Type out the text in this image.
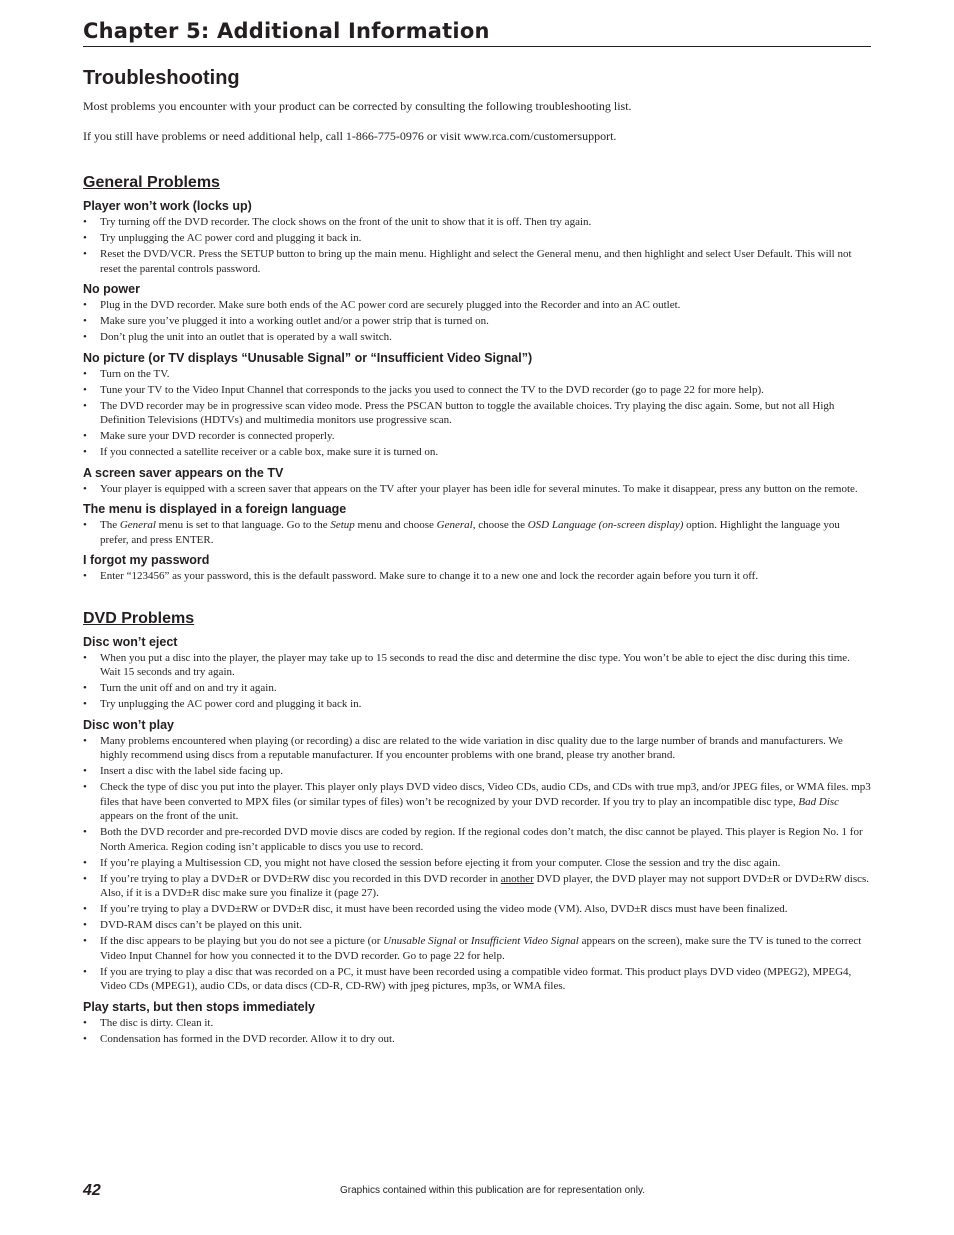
Chapter 5: Additional Information
Troubleshooting

Most problems you encounter with your product can be corrected by consulting the following troubleshooting list.

If you still have problems or need additional help, call 1-866-775-0976 or visit www.rca.com/customersupport.

General Problems
Player won’t work (locks up)
• Try turning off the DVD recorder. The clock shows on the front of the unit to show that it is off. Then try again.
• Try unplugging the AC power cord and plugging it back in.
• Reset the DVD/VCR. Press the SETUP button to bring up the main menu. Highlight and select the General menu, and then highlight and select User Default. This will not reset the parental controls password.
No power
• Plug in the DVD recorder. Make sure both ends of the AC power cord are securely plugged into the Recorder and into an AC outlet.
• Make sure you’ve plugged it into a working outlet and/or a power strip that is turned on.
• Don’t plug the unit into an outlet that is operated by a wall switch.
No picture (or TV displays “Unusable Signal” or “Insufficient Video Signal”)
• Turn on the TV.
• Tune your TV to the Video Input Channel that corresponds to the jacks you used to connect the TV to the DVD recorder (go to page 22 for more help).
• The DVD recorder may be in progressive scan video mode. Press the PSCAN button to toggle the available choices. Try playing the disc again. Some, but not all High Definition Televisions (HDTVs) and multimedia monitors use progressive scan.
• Make sure your DVD recorder is connected properly.
• If you connected a satellite receiver or a cable box, make sure it is turned on.
A screen saver appears on the TV
• Your player is equipped with a screen saver that appears on the TV after your player has been idle for several minutes. To make it disappear, press any button on the remote.
The menu is displayed in a foreign language
• The General menu is set to that language. Go to the Setup menu and choose General, choose the OSD Language (on-screen display) option. Highlight the language you prefer, and press ENTER.
I forgot my password
• Enter “123456” as your password, this is the default password. Make sure to change it to a new one and lock the recorder again before you turn it off.
DVD Problems
Disc won’t eject
• When you put a disc into the player, the player may take up to 15 seconds to read the disc and determine the disc type. You won’t be able to eject the disc during this time. Wait 15 seconds and try again.
• Turn the unit off and on and try it again.
• Try unplugging the AC power cord and plugging it back in.
Disc won’t play
• Many problems encountered when playing (or recording) a disc are related to the wide variation in disc quality due to the large number of brands and manufacturers. We highly recommend using discs from a reputable manufacturer. If you encounter problems with one brand, please try another brand.
• Insert a disc with the label side facing up.
• Check the type of disc you put into the player. This player only plays DVD video discs, Video CDs, audio CDs, and CDs with true mp3, and/or JPEG files, or WMA files. mp3 files that have been converted to MPX files (or similar types of files) won’t be recognized by your DVD recorder. If you try to play an incompatible disc type, Bad Disc appears on the front of the unit.
• Both the DVD recorder and pre-recorded DVD movie discs are coded by region. If the regional codes don’t match, the disc cannot be played. This player is Region No. 1 for North America. Region coding isn’t applicable to discs you use to record.
• If you’re playing a Multisession CD, you might not have closed the session before ejecting it from your computer. Close the session and try the disc again.
• If you’re trying to play a DVD±R or DVD±RW disc you recorded in this DVD recorder in another DVD player, the DVD player may not support DVD±R or DVD±RW discs. Also, if it is a DVD±R disc make sure you finalize it (page 27).
• If you’re trying to play a DVD±RW or DVD±R disc, it must have been recorded using the video mode (VM). Also, DVD±R discs must have been finalized.
• DVD-RAM discs can’t be played on this unit.
• If the disc appears to be playing but you do not see a picture (or Unusable Signal or Insufficient Video Signal appears on the screen), make sure the TV is tuned to the correct Video Input Channel for how you connected it to the DVD recorder. Go to page 22 for help.
• If you are trying to play a disc that was recorded on a PC, it must have been recorded using a compatible video format. This product plays DVD video (MPEG2), MPEG4, Video CDs (MPEG1), audio CDs, or data discs (CD-R, CD-RW) with jpeg pictures, mp3s, or WMA files.
Play starts, but then stops immediately
• The disc is dirty. Clean it.
• Condensation has formed in the DVD recorder. Allow it to dry out.
42	Graphics contained within this publication are for representation only.
